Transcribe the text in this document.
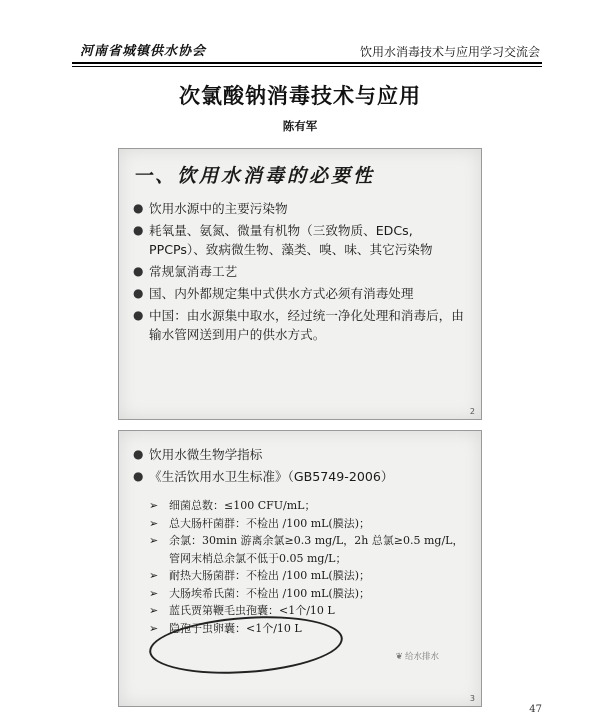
河南省城镇供水协会	饮用水消毒技术与应用学习交流会
次氯酸钠消毒技术与应用
陈有军
一、饮用水消毒的必要性
● 饮用水源中的主要污染物
● 耗氧量、氨氮、微量有机物（三致物质、EDCs, PPCPs）、致病微生物、藻类、嗅、味、其它污染物
● 常规氯消毒工艺
● 国、内外都规定集中式供水方式必须有消毒处理
● 中国：由水源集中取水，经过统一净化处理和消毒后，由输水管网送到用户的供水方式。
2
● 饮用水微生物学指标
● 《生活饮用水卫生标准》（GB5749-2006）
➢ 细菌总数：≤100 CFU/mL；
➢ 总大肠杆菌群：不检出 /100 mL(膜法)；
➢ 余氯：30min 游离余氯≥0.3 mg/L，2h 总氯≥0.5 mg/L，管网末梢总余氯不低于0.05 mg/L；
➢ 耐热大肠菌群：不检出 /100 mL(膜法)；
➢ 大肠埃希氏菌：不检出 /100 mL(膜法)；
➢ 蓝氏贾第鞭毛虫孢囊：<1个/10 L
➢ 隐孢子虫卵囊：<1个/10 L
❦ 给水排水
3
47
